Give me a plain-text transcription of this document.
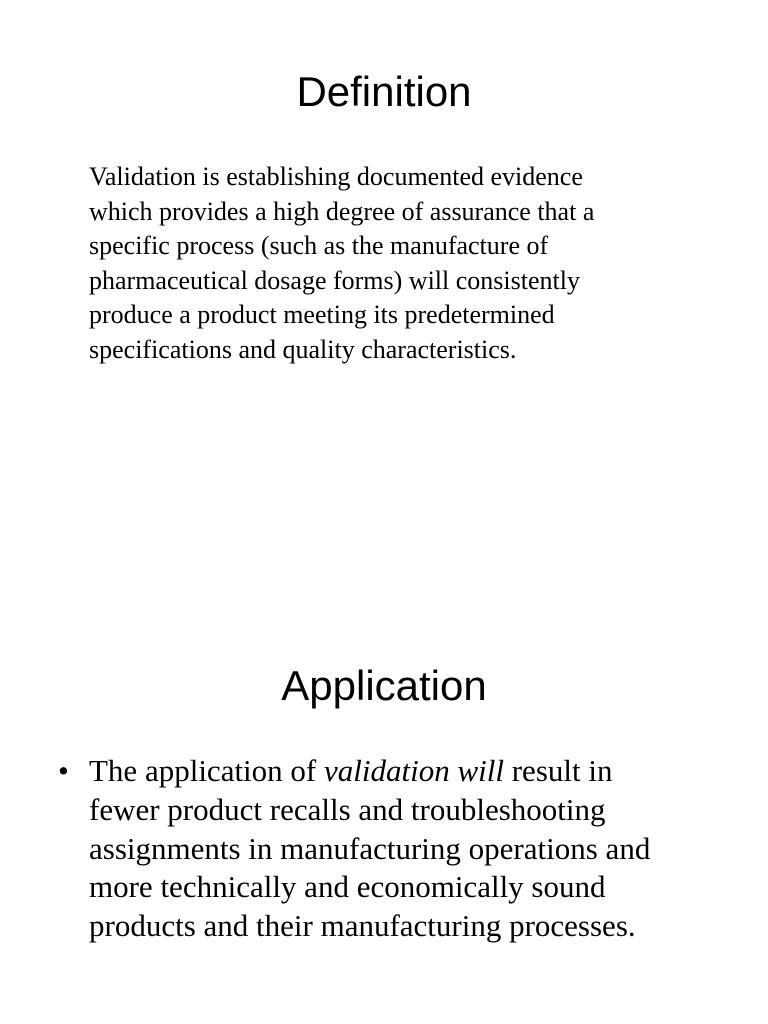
Definition

Validation is establishing documented evidence
which provides a high degree of assurance that a
specific process (such as the manufacture of
pharmaceutical dosage forms) will consistently
produce a product meeting its predetermined
specifications and quality characteristics.

Application
• The application of validation will result in
fewer product recalls and troubleshooting
assignments in manufacturing operations and
more technically and economically sound
products and their manufacturing processes.
